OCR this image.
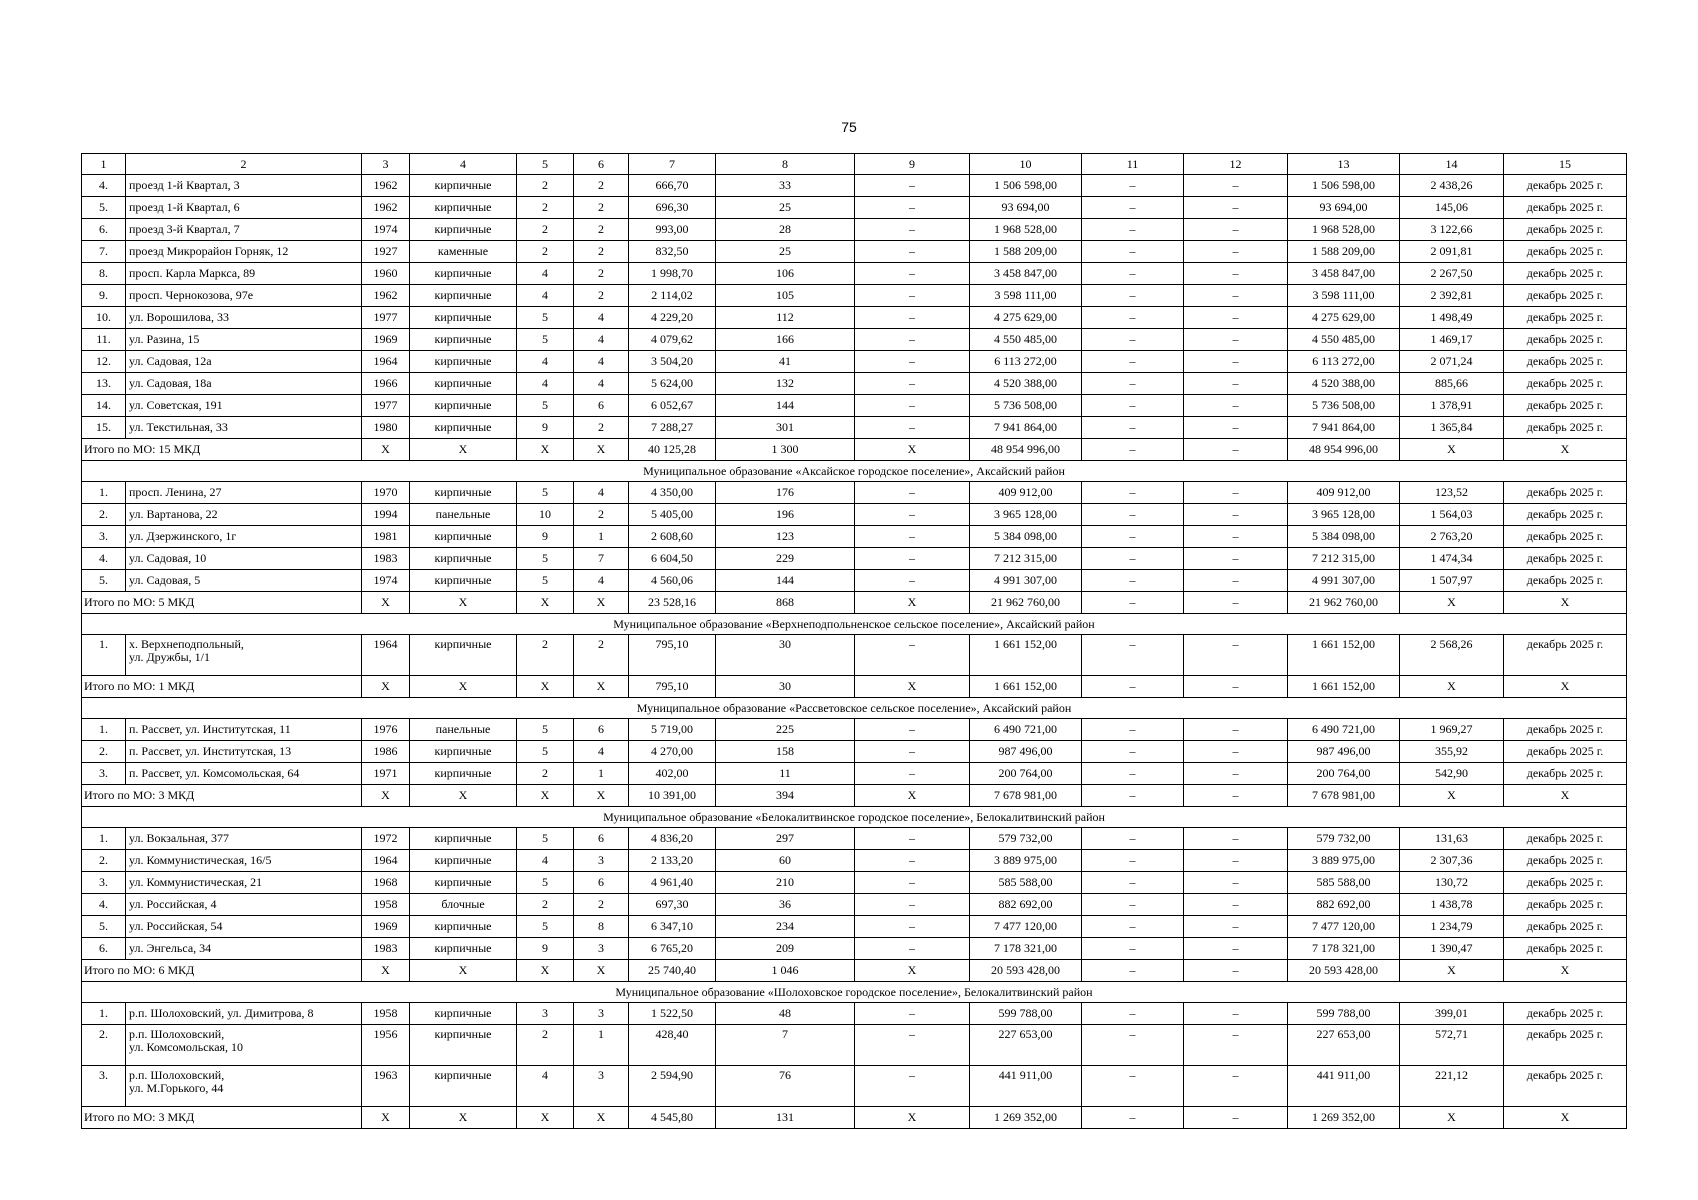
75
1	2	3	4	5	6	7	8	9	10	11	12	13	14	15
4.	проезд 1-й Квартал, 3	1962	кирпичные	2	2	666,70	33	–	1 506 598,00	–	–	1 506 598,00	2 438,26	декабрь 2025 г.
5.	проезд 1-й Квартал, 6	1962	кирпичные	2	2	696,30	25	–	93 694,00	–	–	93 694,00	145,06	декабрь 2025 г.
6.	проезд 3-й Квартал, 7	1974	кирпичные	2	2	993,00	28	–	1 968 528,00	–	–	1 968 528,00	3 122,66	декабрь 2025 г.
7.	проезд Микрорайон Горняк, 12	1927	каменные	2	2	832,50	25	–	1 588 209,00	–	–	1 588 209,00	2 091,81	декабрь 2025 г.
8.	просп. Карла Маркса, 89	1960	кирпичные	4	2	1 998,70	106	–	3 458 847,00	–	–	3 458 847,00	2 267,50	декабрь 2025 г.
9.	просп. Чернокозова, 97е	1962	кирпичные	4	2	2 114,02	105	–	3 598 111,00	–	–	3 598 111,00	2 392,81	декабрь 2025 г.
10.	ул. Ворошилова, 33	1977	кирпичные	5	4	4 229,20	112	–	4 275 629,00	–	–	4 275 629,00	1 498,49	декабрь 2025 г.
11.	ул. Разина, 15	1969	кирпичные	5	4	4 079,62	166	–	4 550 485,00	–	–	4 550 485,00	1 469,17	декабрь 2025 г.
12.	ул. Садовая, 12а	1964	кирпичные	4	4	3 504,20	41	–	6 113 272,00	–	–	6 113 272,00	2 071,24	декабрь 2025 г.
13.	ул. Садовая, 18а	1966	кирпичные	4	4	5 624,00	132	–	4 520 388,00	–	–	4 520 388,00	885,66	декабрь 2025 г.
14.	ул. Советская, 191	1977	кирпичные	5	6	6 052,67	144	–	5 736 508,00	–	–	5 736 508,00	1 378,91	декабрь 2025 г.
15.	ул. Текстильная, 33	1980	кирпичные	9	2	7 288,27	301	–	7 941 864,00	–	–	7 941 864,00	1 365,84	декабрь 2025 г.
Итого по МО: 15 МКД		X	X	X	X	40 125,28	1 300	X	48 954 996,00	–	–	48 954 996,00	X	X
Муниципальное образование «Аксайское городское поселение», Аксайский район														
1.	просп. Ленина, 27	1970	кирпичные	5	4	4 350,00	176	–	409 912,00	–	–	409 912,00	123,52	декабрь 2025 г.
2.	ул. Вартанова, 22	1994	панельные	10	2	5 405,00	196	–	3 965 128,00	–	–	3 965 128,00	1 564,03	декабрь 2025 г.
3.	ул. Дзержинского, 1г	1981	кирпичные	9	1	2 608,60	123	–	5 384 098,00	–	–	5 384 098,00	2 763,20	декабрь 2025 г.
4.	ул. Садовая, 10	1983	кирпичные	5	7	6 604,50	229	–	7 212 315,00	–	–	7 212 315,00	1 474,34	декабрь 2025 г.
5.	ул. Садовая, 5	1974	кирпичные	5	4	4 560,06	144	–	4 991 307,00	–	–	4 991 307,00	1 507,97	декабрь 2025 г.
Итого по МО: 5 МКД		X	X	X	X	23 528,16	868	X	21 962 760,00	–	–	21 962 760,00	X	X
Муниципальное образование «Верхнеподпольненское сельское поселение», Аксайский район														
1.	х. Верхнеподпольный,
ул. Дружбы, 1/1	1964	кирпичные	2	2	795,10	30	–	1 661 152,00	–	–	1 661 152,00	2 568,26	декабрь 2025 г.
Итого по МО: 1 МКД		X	X	X	X	795,10	30	X	1 661 152,00	–	–	1 661 152,00	X	X
Муниципальное образование «Рассветовское сельское поселение», Аксайский район														
1.	п. Рассвет, ул. Институтская, 11	1976	панельные	5	6	5 719,00	225	–	6 490 721,00	–	–	6 490 721,00	1 969,27	декабрь 2025 г.
2.	п. Рассвет, ул. Институтская, 13	1986	кирпичные	5	4	4 270,00	158	–	987 496,00	–	–	987 496,00	355,92	декабрь 2025 г.
3.	п. Рассвет, ул. Комсомольская, 64	1971	кирпичные	2	1	402,00	11	–	200 764,00	–	–	200 764,00	542,90	декабрь 2025 г.
Итого по МО: 3 МКД		X	X	X	X	10 391,00	394	X	7 678 981,00	–	–	7 678 981,00	X	X
Муниципальное образование «Белокалитвинское городское поселение», Белокалитвинский район														
1.	ул. Вокзальная, 377	1972	кирпичные	5	6	4 836,20	297	–	579 732,00	–	–	579 732,00	131,63	декабрь 2025 г.
2.	ул. Коммунистическая, 16/5	1964	кирпичные	4	3	2 133,20	60	–	3 889 975,00	–	–	3 889 975,00	2 307,36	декабрь 2025 г.
3.	ул. Коммунистическая, 21	1968	кирпичные	5	6	4 961,40	210	–	585 588,00	–	–	585 588,00	130,72	декабрь 2025 г.
4.	ул. Российская, 4	1958	блочные	2	2	697,30	36	–	882 692,00	–	–	882 692,00	1 438,78	декабрь 2025 г.
5.	ул. Российская, 54	1969	кирпичные	5	8	6 347,10	234	–	7 477 120,00	–	–	7 477 120,00	1 234,79	декабрь 2025 г.
6.	ул. Энгельса, 34	1983	кирпичные	9	3	6 765,20	209	–	7 178 321,00	–	–	7 178 321,00	1 390,47	декабрь 2025 г.
Итого по МО: 6 МКД		X	X	X	X	25 740,40	1 046	X	20 593 428,00	–	–	20 593 428,00	X	X
Муниципальное образование «Шолоховское городское поселение», Белокалитвинский район														
1.	р.п. Шолоховский, ул. Димитрова, 8	1958	кирпичные	3	3	1 522,50	48	–	599 788,00	–	–	599 788,00	399,01	декабрь 2025 г.
2.	р.п. Шолоховский,
ул. Комсомольская, 10	1956	кирпичные	2	1	428,40	7	–	227 653,00	–	–	227 653,00	572,71	декабрь 2025 г.
3.	р.п. Шолоховский,
ул. М.Горького, 44	1963	кирпичные	4	3	2 594,90	76	–	441 911,00	–	–	441 911,00	221,12	декабрь 2025 г.
Итого по МО: 3 МКД		X	X	X	X	4 545,80	131	X	1 269 352,00	–	–	1 269 352,00	X	X
